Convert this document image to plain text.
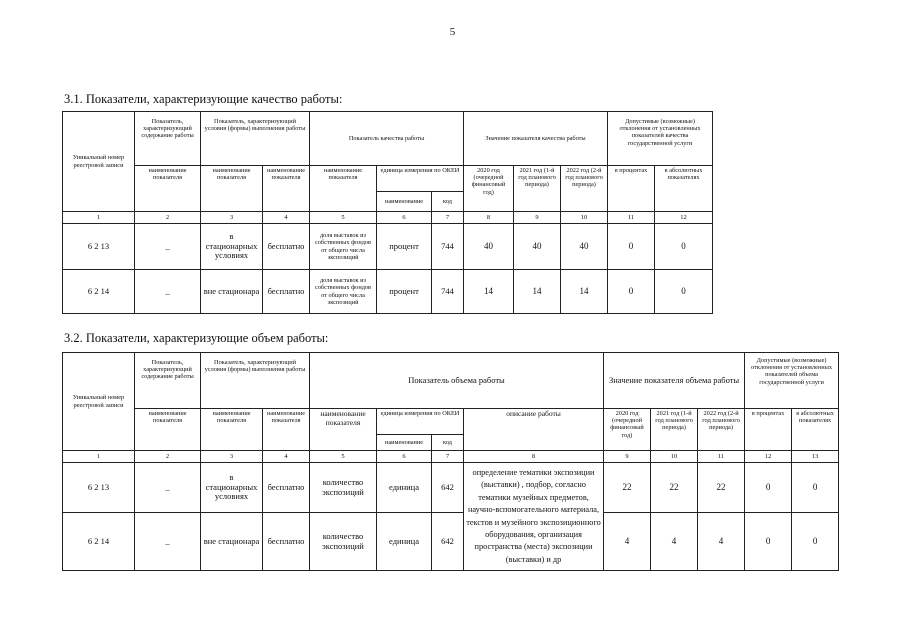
5
3.1. Показатели, характеризующие качество работы:
Уникальный номер реестровой записи	Показатель, характеризующий содержание работы	Показатель, характеризующий условия (формы) выполнения работы		Показатель качества работы			Значение показателя качества работы			Допустимые (возможные) отклонения от установленных показателей качества государственной услуги	
	наименование показателя	наименование показателя	наименование показателя	наименование показателя	единица измерения по ОКЕИ		2020 год (очередной финансовый год)	2021 год (1-й год планового периода)	2022 год (2-й год планового периода)	в процентах	в абсолютных показателях
					наименование	код					
1	2	3	4	5	6	7	8	9	10	11	12
6 2 13	_	в стационарных условиях	бесплатно	доля выставок из собственных фондов от общего числа экспозиций	процент	744	40	40	40	0	0
6 2 14	_	вне стационара	бесплатно	доля выставок из собственных фондов от общего числа экспозиций	процент	744	14	14	14	0	0
3.2. Показатели, характеризующие объем работы:
Уникальный номер реестровой записи	Показатель, характеризующий содержание работы	Показатель, характеризующий условия (формы) выполнения работы		Показатель объема работы				Значение показателя объема работы			Допустимые (возможные) отклонения от установленных показателей объема государственной услуги	
	наименование показателя	наименование показателя	наименование показателя	наименование показателя	единица измерения по ОКЕИ		описание работы	2020 год (очередной финансовый год)	2021 год (1-й год планового периода)	2022 год (2-й год планового периода)	в процентах	в абсолютных показателях
					наименование	код						
1	2	3	4	5	6	7	8	9	10	11	12	13
6 2 13	_	в стационарных условиях	бесплатно	количество экспозиций	единица	642	определение тематики экспозиции (выставки) , подбор, согласно тематики музейных предметов, научно-вспомогательного материала, текстов и музейного экспозиционного оборудования, организация пространства (места) экспозиции (выставки) и др	22	22	22	0	0
6 2 14	_	вне стационара	бесплатно	количество экспозиций	единица	642		4	4	4	0	0
